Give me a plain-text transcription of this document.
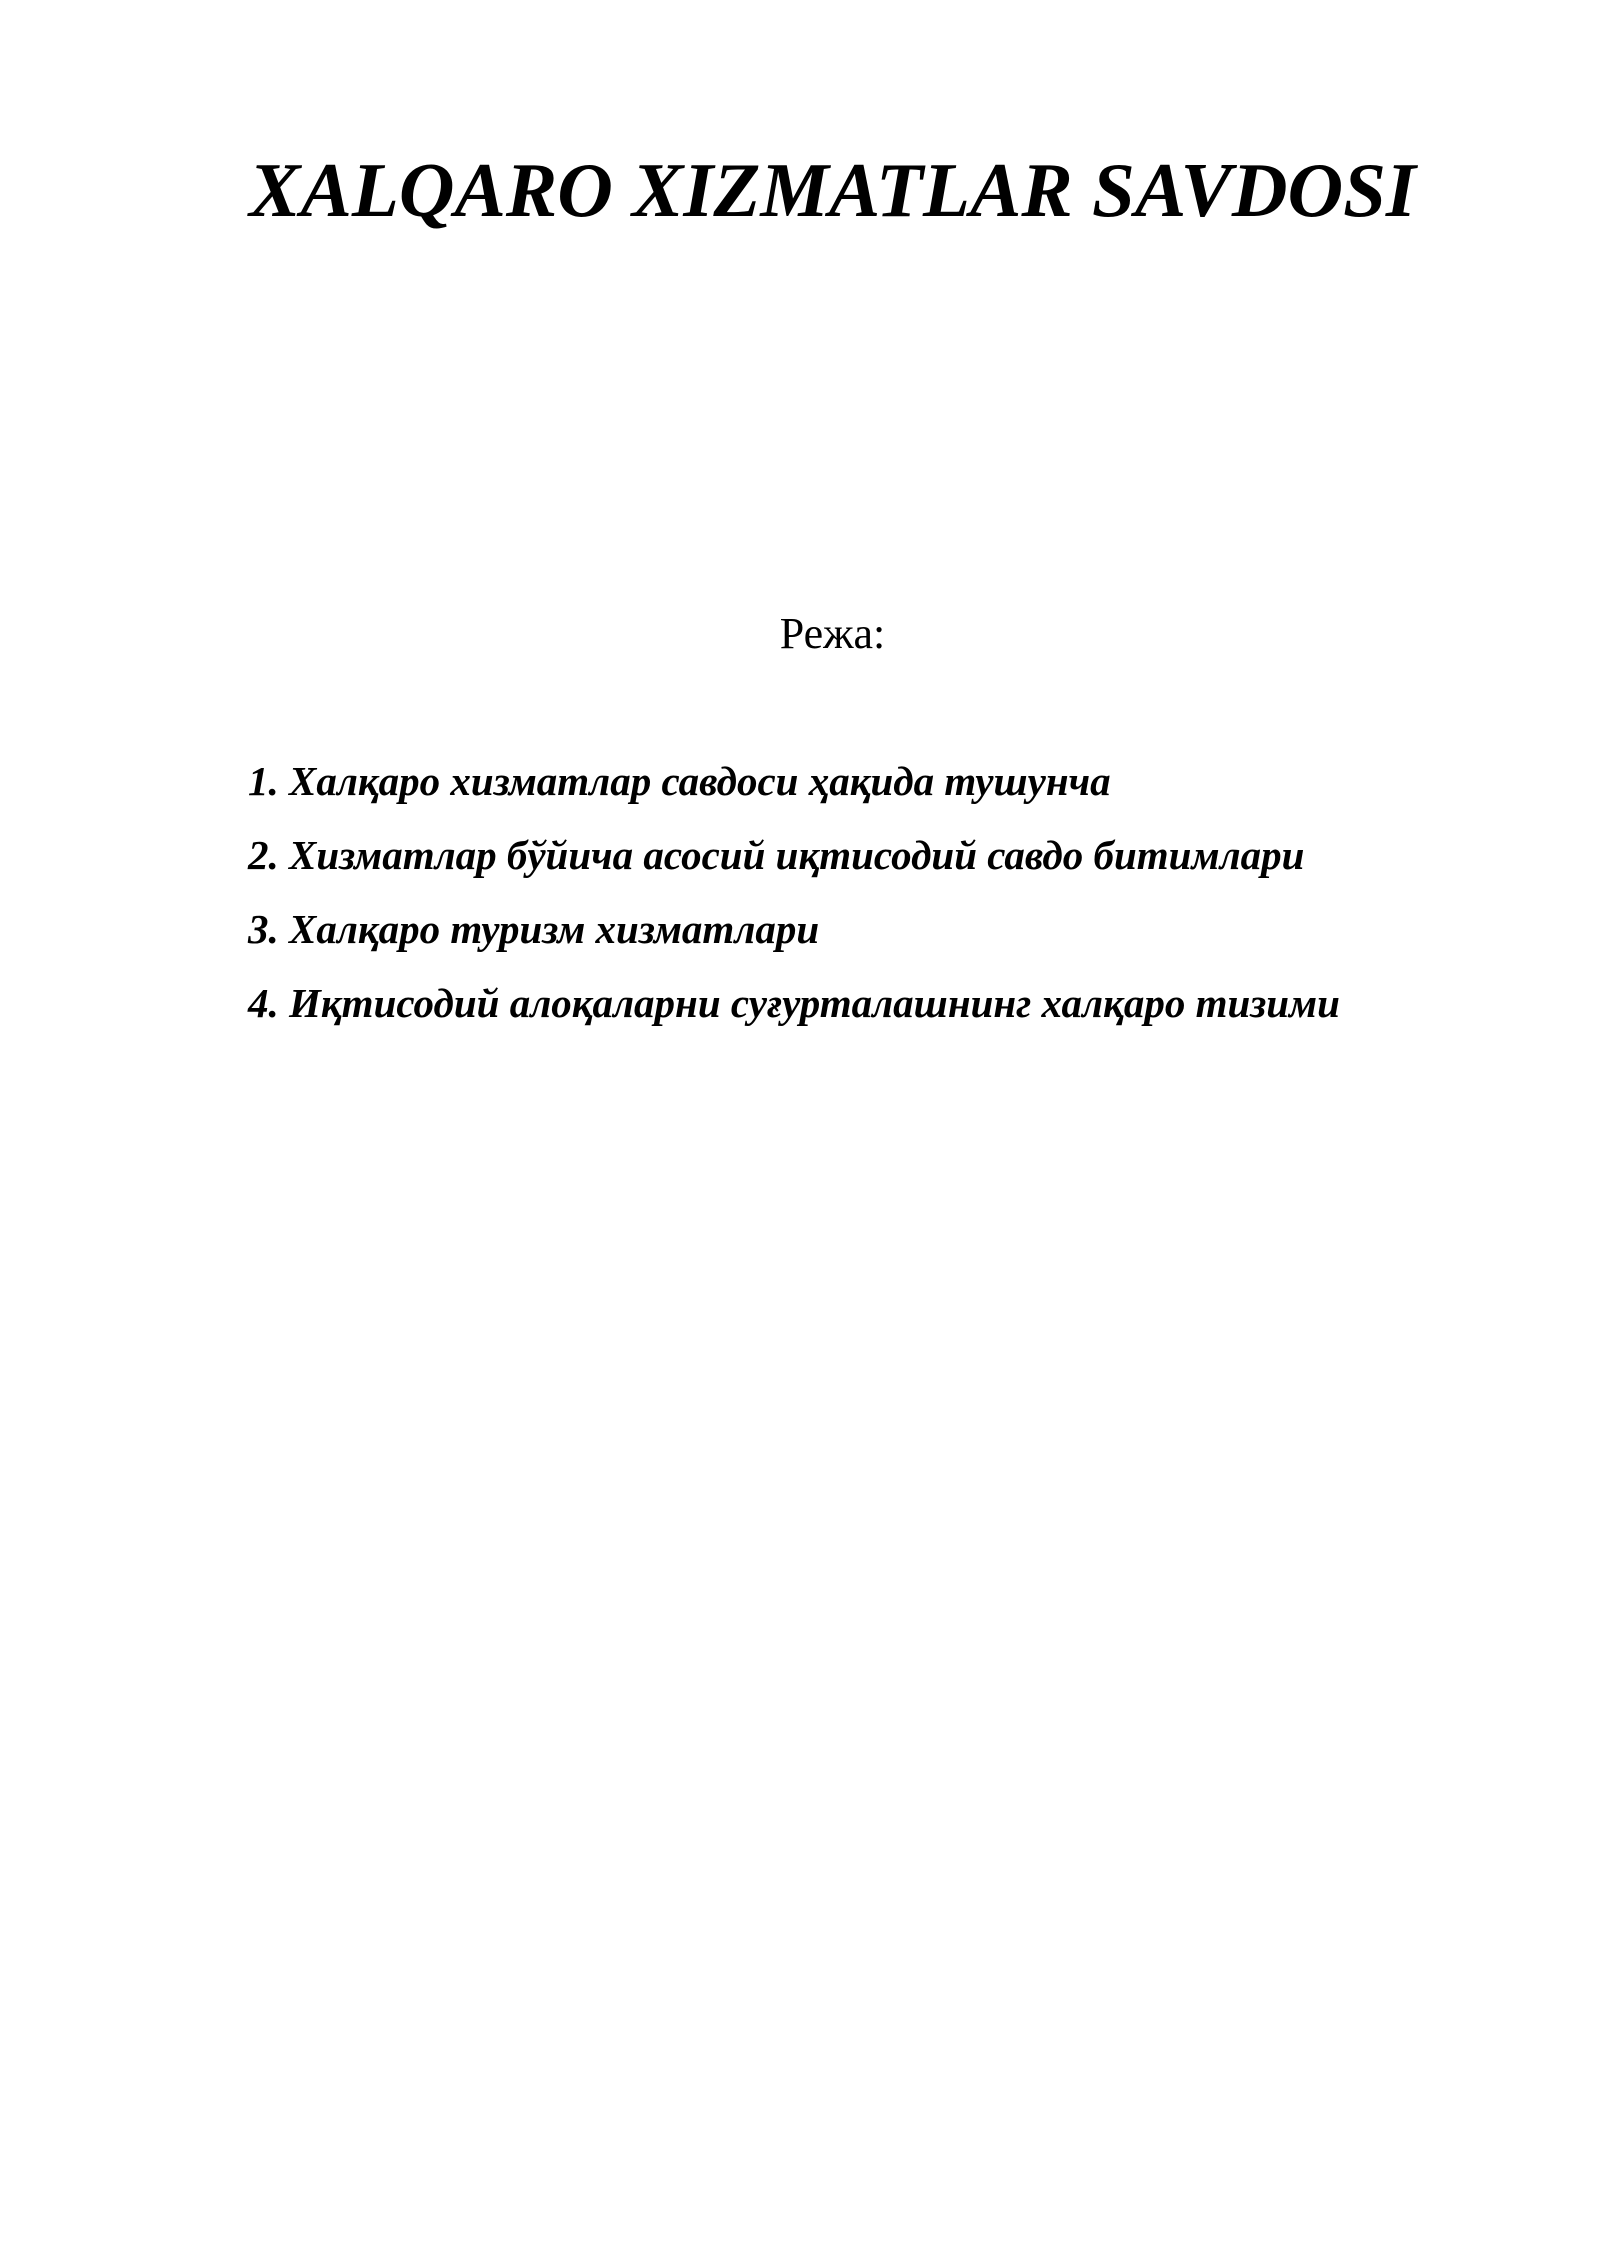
XALQARO XIZMATLAR SAVDOSI
Режа:
1. Халқаро хизматлар савдоси ҳақида тушунча
2. Хизматлар бўйича асосий иқтисодий савдо битимлари
3. Халқаро туризм хизматлари
4. Иқтисодий алоқаларни суғурталашнинг халқаро тизими
